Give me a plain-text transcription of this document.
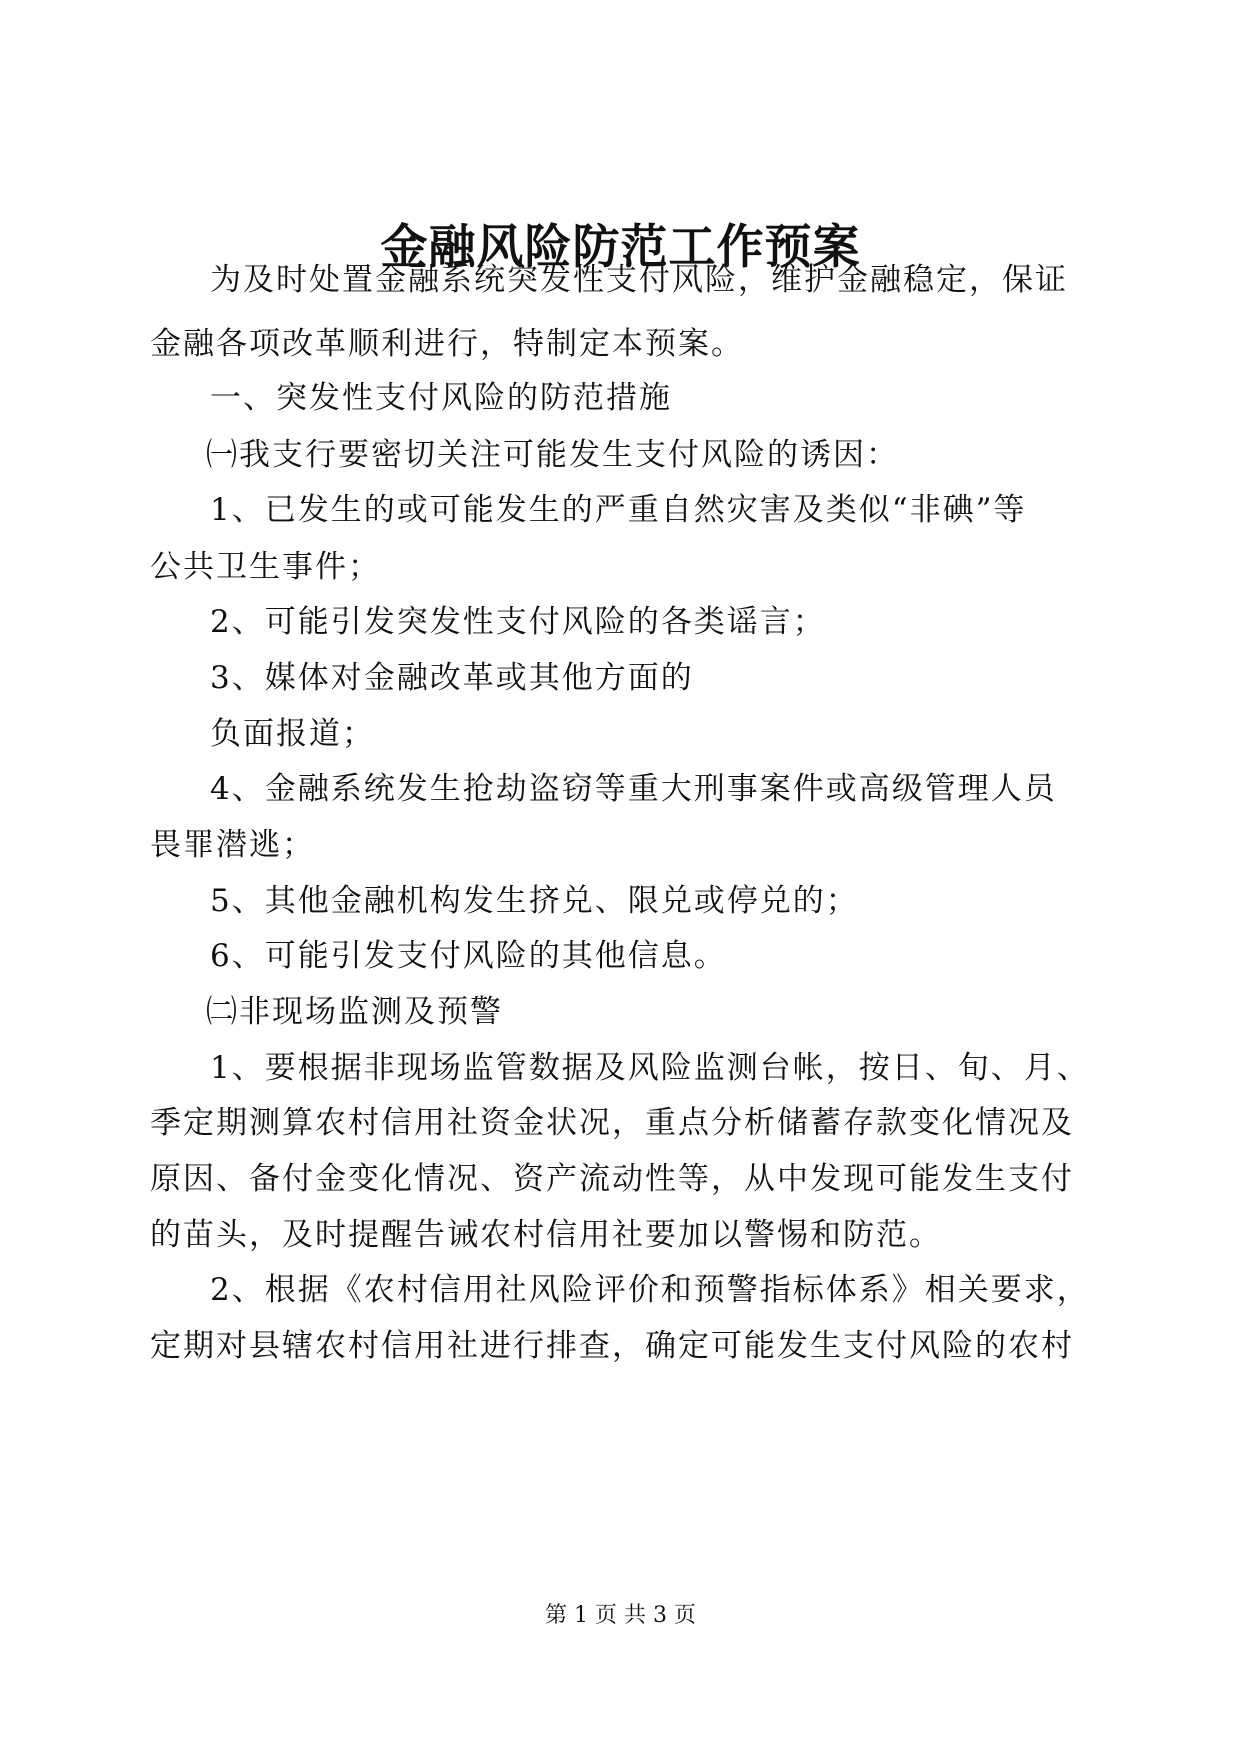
金融风险防范工作预案
为及时处置金融系统突发性支付风险，维护金融稳定，保证
金融各项改革顺利进行，特制定本预案。
一、突发性支付风险的防范措施
㈠我支行要密切关注可能发生支付风险的诱因：
1、已发生的或可能发生的严重自然灾害及类似“非碘”等
公共卫生事件；
2、可能引发突发性支付风险的各类谣言；
3、媒体对金融改革或其他方面的
负面报道；
4、金融系统发生抢劫盗窃等重大刑事案件或高级管理人员
畏罪潜逃；
5、其他金融机构发生挤兑、限兑或停兑的；
6、可能引发支付风险的其他信息。
㈡非现场监测及预警
1、要根据非现场监管数据及风险监测台帐，按日、旬、月、
季定期测算农村信用社资金状况，重点分析储蓄存款变化情况及
原因、备付金变化情况、资产流动性等，从中发现可能发生支付
的苗头，及时提醒告诫农村信用社要加以警惕和防范。
2、根据《农村信用社风险评价和预警指标体系》相关要求，
定期对县辖农村信用社进行排查，确定可能发生支付风险的农村
第 1 页 共 3 页
